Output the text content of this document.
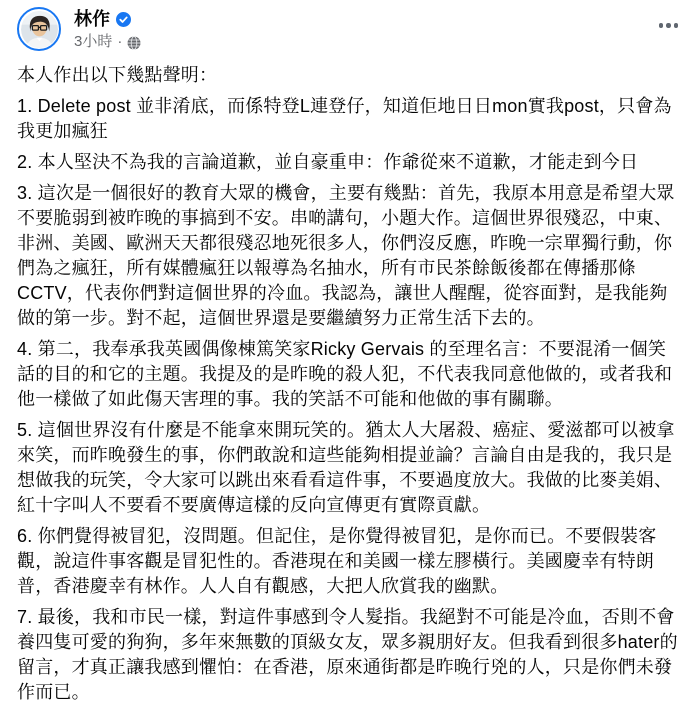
林作
3小時 ·

本人作出以下幾點聲明：

1. Delete post 並非淆底，而係特登L連登仔，知道佢地日日mon實我post，只會為我更加瘋狂

2. 本人堅決不為我的言論道歉，並自豪重申：作爺從來不道歉，才能走到今日

3. 這次是一個很好的教育大眾的機會，主要有幾點：首先，我原本用意是希望大眾不要脆弱到被昨晚的事搞到不安。串啲講句，小題大作。這個世界很殘忍，中東、非洲、美國、歐洲天天都很殘忍地死很多人，你們沒反應，昨晚一宗單獨行動，你們為之瘋狂，所有媒體瘋狂以報導為名抽水，所有市民茶餘飯後都在傳播那條CCTV，代表你們對這個世界的冷血。我認為，讓世人醒醒，從容面對，是我能夠做的第一步。對不起，這個世界還是要繼續努力正常生活下去的。

4. 第二，我奉承我英國偶像棟篤笑家Ricky Gervais 的至理名言：不要混淆一個笑話的目的和它的主題。我提及的是昨晚的殺人犯，不代表我同意他做的，或者我和他一樣做了如此傷天害理的事。我的笑話不可能和他做的事有關聯。

5. 這個世界沒有什麼是不能拿來開玩笑的。猶太人大屠殺、癌症、愛滋都可以被拿來笑，而昨晚發生的事，你們敢說和這些能夠相提並論？言論自由是我的，我只是想做我的玩笑，令大家可以跳出來看看這件事，不要過度放大。我做的比麥美娟、紅十字叫人不要看不要廣傳這樣的反向宣傳更有實際貢獻。

6. 你們覺得被冒犯，沒問題。但記住，是你覺得被冒犯，是你而已。不要假裝客觀，說這件事客觀是冒犯性的。香港現在和美國一樣左膠橫行。美國慶幸有特朗普，香港慶幸有林作。人人自有觀感，大把人欣賞我的幽默。

7. 最後，我和市民一樣，對這件事感到令人髮指。我絕對不可能是冷血，否則不會養四隻可愛的狗狗，多年來無數的頂級女友，眾多親朋好友。但我看到很多hater的留言，才真正讓我感到懼怕：在香港，原來通街都是昨晚行兇的人，只是你們未發作而已。
